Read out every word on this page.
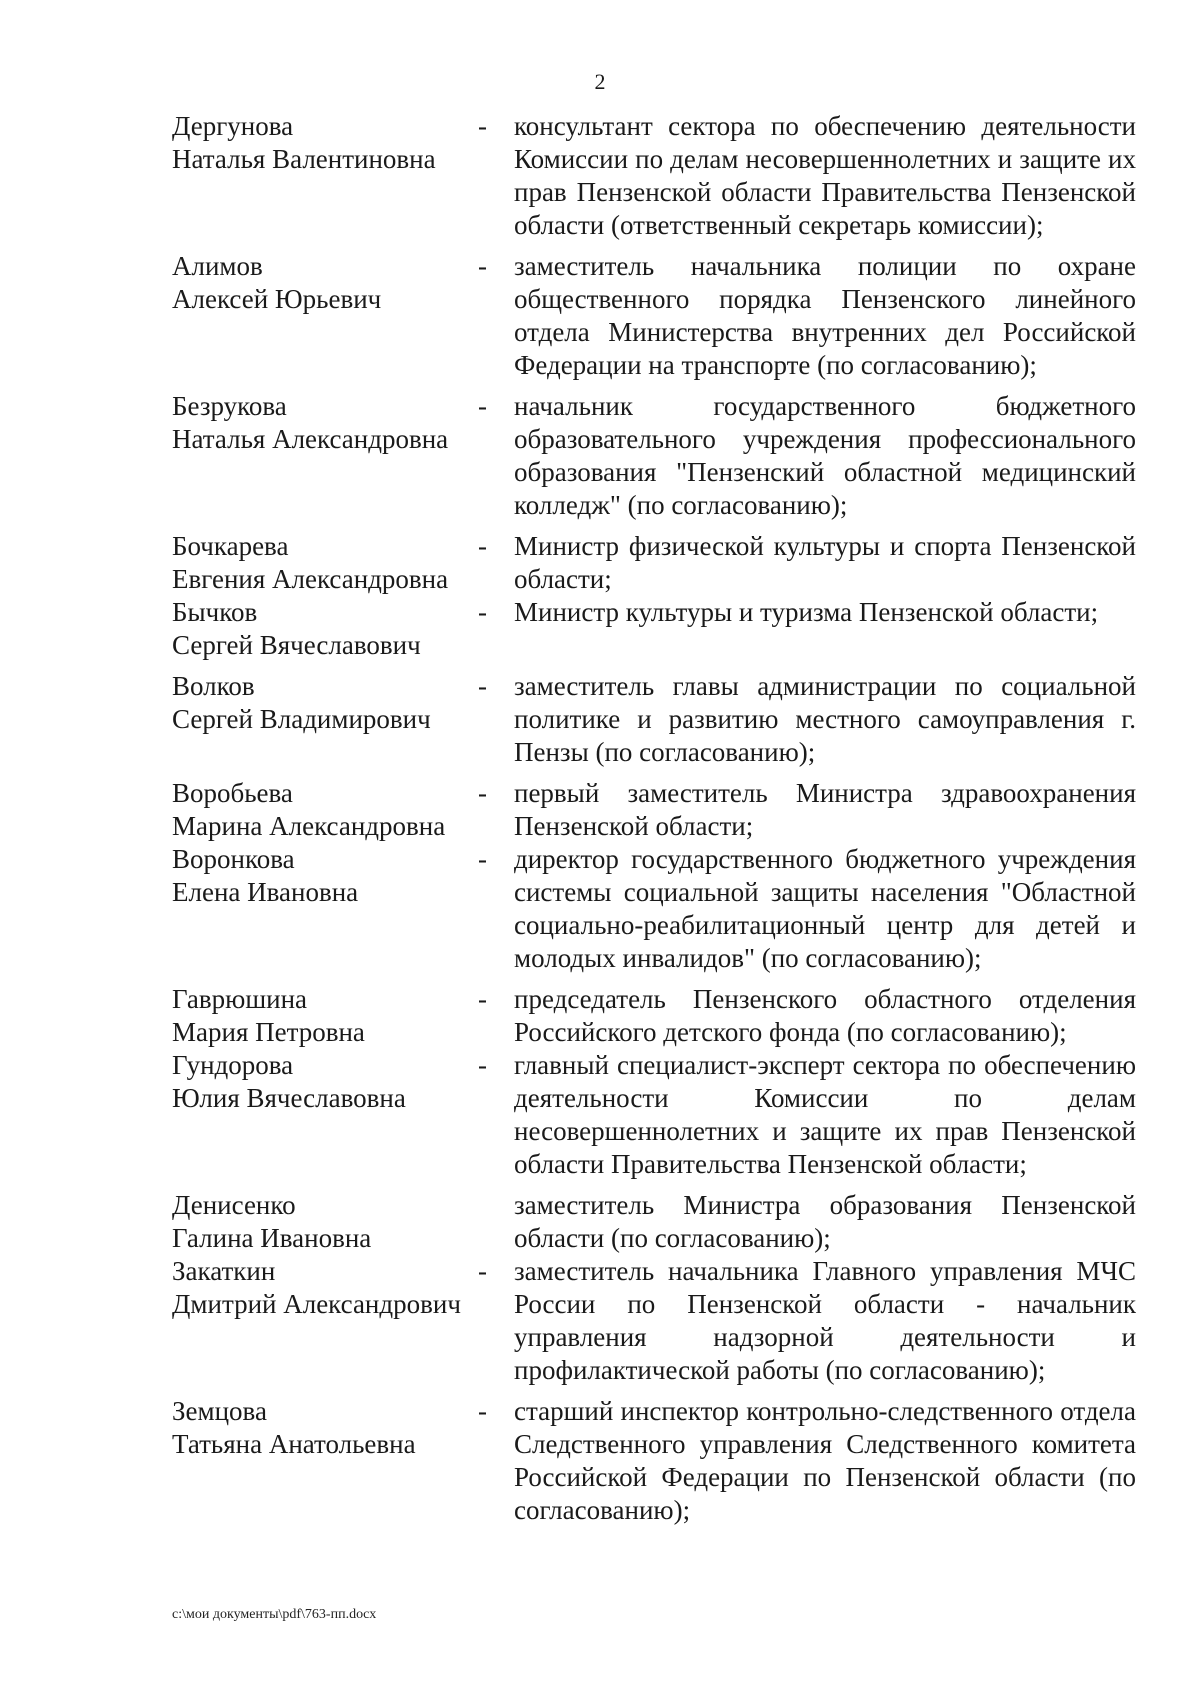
2
Дергунова
Наталья Валентиновна
-	консультант сектора по обеспечению деятельности Комиссии по делам несовершеннолетних и защите их прав Пензенской области Правительства Пензенской области (ответственный секретарь комиссии);
Алимов
Алексей Юрьевич
-	заместитель начальника полиции по охране общественного порядка Пензенского линейного отдела Министерства внутренних дел Российской Федерации на транспорте (по согласованию);
Безрукова
Наталья Александровна
-	начальник государственного бюджетного образовательного учреждения профессионального образования "Пензенский областной медицинский колледж" (по согласованию);
Бочкарева
Евгения Александровна
-	Министр физической культуры и спорта Пензенской области;
Бычков
Сергей Вячеславович
-	Министр культуры и туризма Пензенской области;
Волков
Сергей Владимирович
-	заместитель главы администрации по социальной политике и развитию местного самоуправления г. Пензы (по согласованию);
Воробьева
Марина Александровна
-	первый заместитель Министра здравоохранения Пензенской области;
Воронкова
Елена Ивановна
-	директор государственного бюджетного учреждения системы социальной защиты населения "Областной социально-реабилитационный центр для детей и молодых инвалидов" (по согласованию);
Гаврюшина
Мария Петровна
-	председатель Пензенского областного отделения Российского детского фонда (по согласованию);
Гундорова
Юлия Вячеславовна
-	главный специалист-эксперт сектора по обеспечению деятельности Комиссии по делам несовершеннолетних и защите их прав Пензенской области Правительства Пензенской области;
Денисенко
Галина Ивановна
заместитель Министра образования Пензенской области (по согласованию);
Закаткин
Дмитрий Александрович
-	заместитель начальника Главного управления МЧС России по Пензенской области - начальник управления надзорной деятельности и профилактической работы (по согласованию);
Земцова
Татьяна Анатольевна
-	старший инспектор контрольно-следственного отдела Следственного управления Следственного комитета Российской Федерации по Пензенской области (по согласованию);
c:\мои документы\pdf\763-пп.docx
